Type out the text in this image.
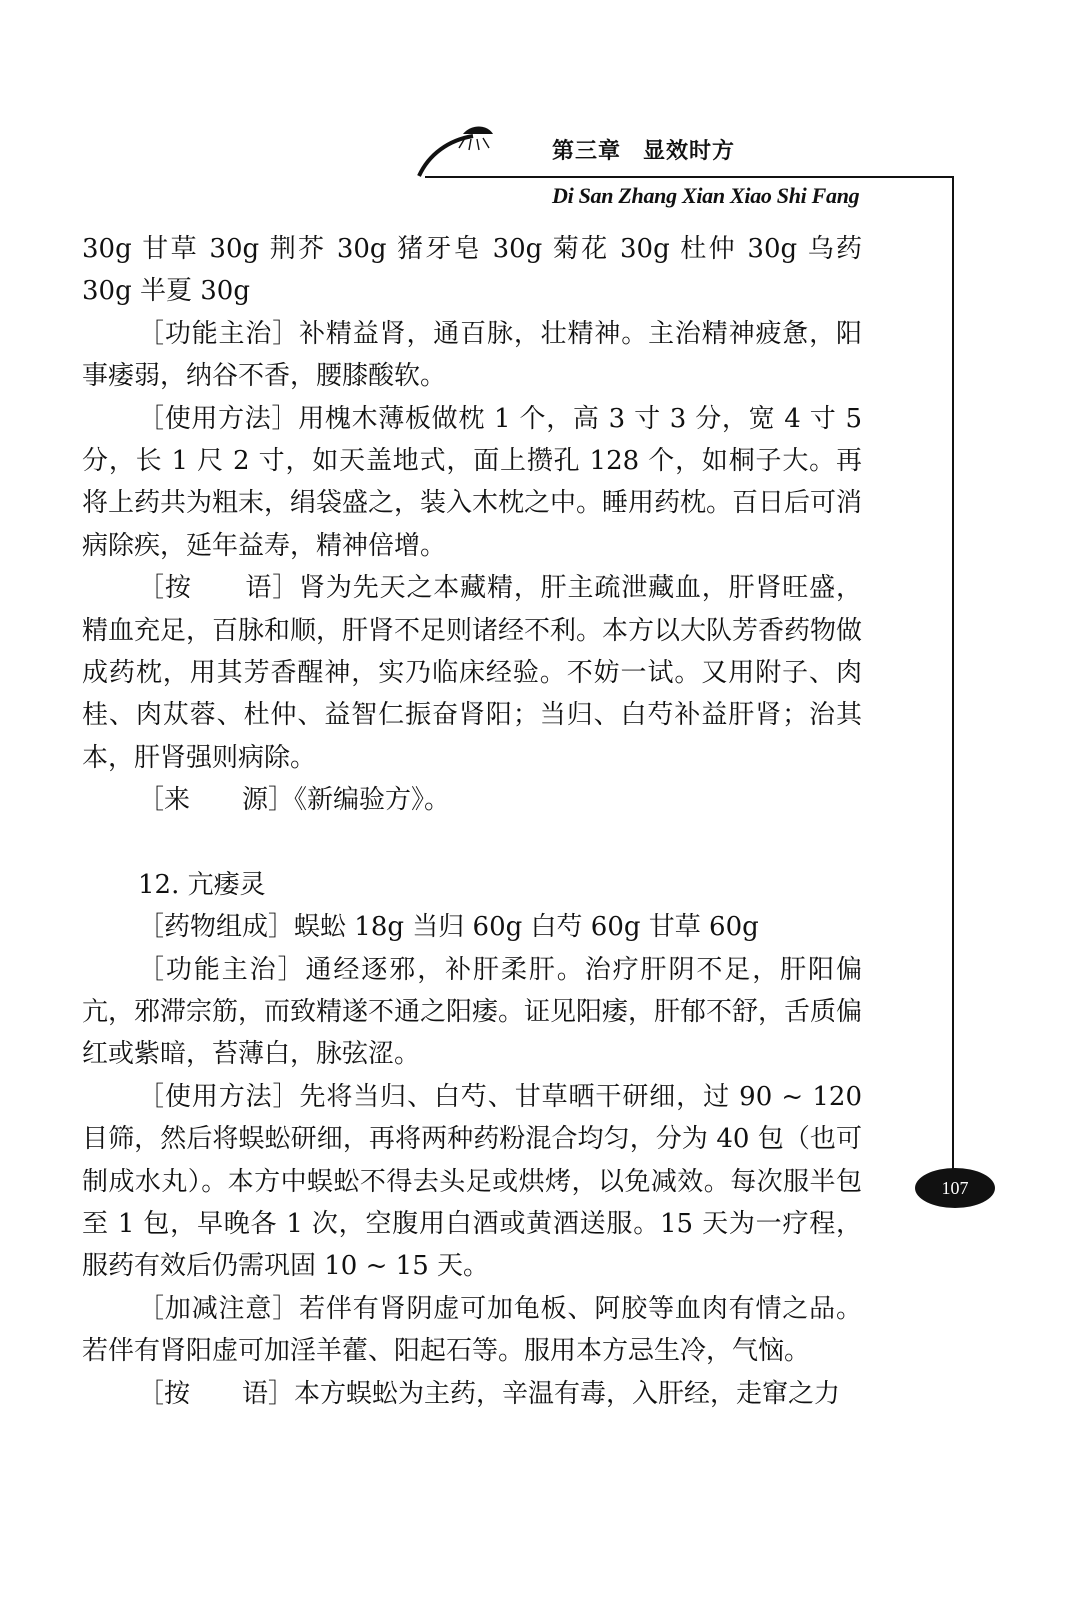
第三章 显效时方
Di San Zhang Xian Xiao Shi Fang
107

30g 甘草 30g 荆芥 30g 猪牙皂 30g 菊花 30g 杜仲 30g 乌药 30g 半夏 30g

［功能主治］补精益肾，通百脉，壮精神。主治精神疲惫，阳事痿弱，纳谷不香，腰膝酸软。

［使用方法］用槐木薄板做枕 1 个，高 3 寸 3 分，宽 4 寸 5 分，长 1 尺 2 寸，如天盖地式，面上攒孔 128 个，如桐子大。再将上药共为粗末，绢袋盛之，装入木枕之中。睡用药枕。百日后可消病除疾，延年益寿，精神倍增。

［按　　语］肾为先天之本藏精，肝主疏泄藏血，肝肾旺盛，精血充足，百脉和顺，肝肾不足则诸经不利。本方以大队芳香药物做成药枕，用其芳香醒神，实乃临床经验。不妨一试。又用附子、肉桂、肉苁蓉、杜仲、益智仁振奋肾阳；当归、白芍补益肝肾；治其本，肝肾强则病除。

［来　　源］《新编验方》。

12. 亢痿灵

［药物组成］蜈蚣 18g 当归 60g 白芍 60g 甘草 60g

［功能主治］通经逐邪，补肝柔肝。治疗肝阴不足，肝阳偏亢，邪滞宗筋，而致精遂不通之阳痿。证见阳痿，肝郁不舒，舌质偏红或紫暗，苔薄白，脉弦涩。

［使用方法］先将当归、白芍、甘草晒干研细，过 90 ~ 120 目筛，然后将蜈蚣研细，再将两种药粉混合均匀，分为 40 包（也可制成水丸）。本方中蜈蚣不得去头足或烘烤，以免减效。每次服半包至 1 包，早晚各 1 次，空腹用白酒或黄酒送服。15 天为一疗程，服药有效后仍需巩固 10 ~ 15 天。

［加减注意］若伴有肾阴虚可加龟板、阿胶等血肉有情之品。若伴有肾阳虚可加淫羊藿、阳起石等。服用本方忌生冷，气恼。

［按　　语］本方蜈蚣为主药，辛温有毒，入肝经，走窜之力
